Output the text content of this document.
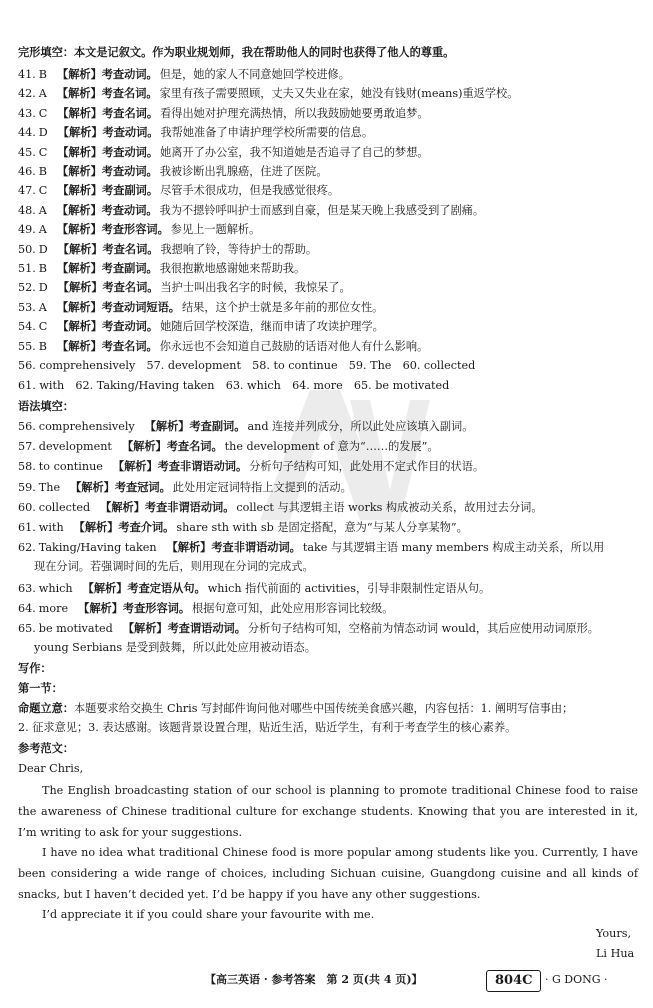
完形填空：本文是记叙文。作为职业规划师，我在帮助他人的同时也获得了他人的尊重。
41. B 【解析】考查动词。 但是，她的家人不同意她回学校进修。
42. A 【解析】考查名词。 家里有孩子需要照顾，丈夫又失业在家，她没有钱财(means)重返学校。
43. C 【解析】考查名词。 看得出她对护理充满热情，所以我鼓励她要勇敢追梦。
44. D 【解析】考查动词。 我帮她准备了申请护理学校所需要的信息。
45. C 【解析】考查动词。 她离开了办公室，我不知道她是否追寻了自己的梦想。
46. B 【解析】考查动词。 我被诊断出乳腺癌，住进了医院。
47. C 【解析】考查副词。 尽管手术很成功，但是我感觉很疼。
48. A 【解析】考查动词。 我为不摁铃呼叫护士而感到自豪，但是某天晚上我感受到了剧痛。
49. A 【解析】考查形容词。 参见上一题解析。
50. D 【解析】考查名词。 我摁响了铃，等待护士的帮助。
51. B 【解析】考查副词。 我很抱歉地感谢她来帮助我。
52. D 【解析】考查名词。 当护士叫出我名字的时候，我惊呆了。
53. A 【解析】考查动词短语。 结果，这个护士就是多年前的那位女性。
54. C 【解析】考查动词。 她随后回学校深造，继而申请了攻读护理学。
55. B 【解析】考查名词。 你永远也不会知道自己鼓励的话语对他人有什么影响。
56. comprehensively　57. development　58. to continue　59. The　60. collected
61. with　62. Taking/Having taken　63. which　64. more　65. be motivated
语法填空：
56. comprehensively 【解析】考查副词。 and 连接并列成分，所以此处应该填入副词。
57. development 【解析】考查名词。 the development of 意为“……的发展”。
58. to continue 【解析】考查非谓语动词。 分析句子结构可知，此处用不定式作目的状语。
59. The 【解析】考查冠词。 此处用定冠词特指上文提到的活动。
60. collected 【解析】考查非谓语动词。 collect 与其逻辑主语 works 构成被动关系，故用过去分词。
61. with 【解析】考查介词。 share sth with sb 是固定搭配，意为“与某人分享某物”。
62. Taking/Having taken 【解析】考查非谓语动词。 take 与其逻辑主语 many members 构成主动关系，所以用
现在分词。若强调时间的先后，则用现在分词的完成式。
63. which 【解析】考查定语从句。 which 指代前面的 activities，引导非限制性定语从句。
64. more 【解析】考查形容词。 根据句意可知，此处应用形容词比较级。
65. be motivated 【解析】考查谓语动词。 分析句子结构可知，空格前为情态动词 would，其后应使用动词原形。
young Serbians 是受到鼓舞，所以此处应用被动语态。
写作：
第一节：
命题立意：本题要求给交换生 Chris 写封邮件询问他对哪些中国传统美食感兴趣，内容包括：1. 阐明写信事由；
2. 征求意见；3. 表达感谢。该题背景设置合理，贴近生活，贴近学生，有利于考查学生的核心素养。
参考范文：
Dear Chris,
The English broadcasting station of our school is planning to promote traditional Chinese food to raise the awareness of Chinese traditional culture for exchange students. Knowing that you are interested in it, I’m writing to ask for your suggestions.
I have no idea what traditional Chinese food is more popular among students like you. Currently, I have been considering a wide range of choices, including Sichuan cuisine, Guangdong cuisine and all kinds of snacks, but I haven’t decided yet. I’d be happy if you have any other suggestions.
I’d appreciate it if you could share your favourite with me.
Yours,
Li Hua
【高三英语 · 参考答案　第 2 页(共 4 页)】	804C	· G DONG ·
